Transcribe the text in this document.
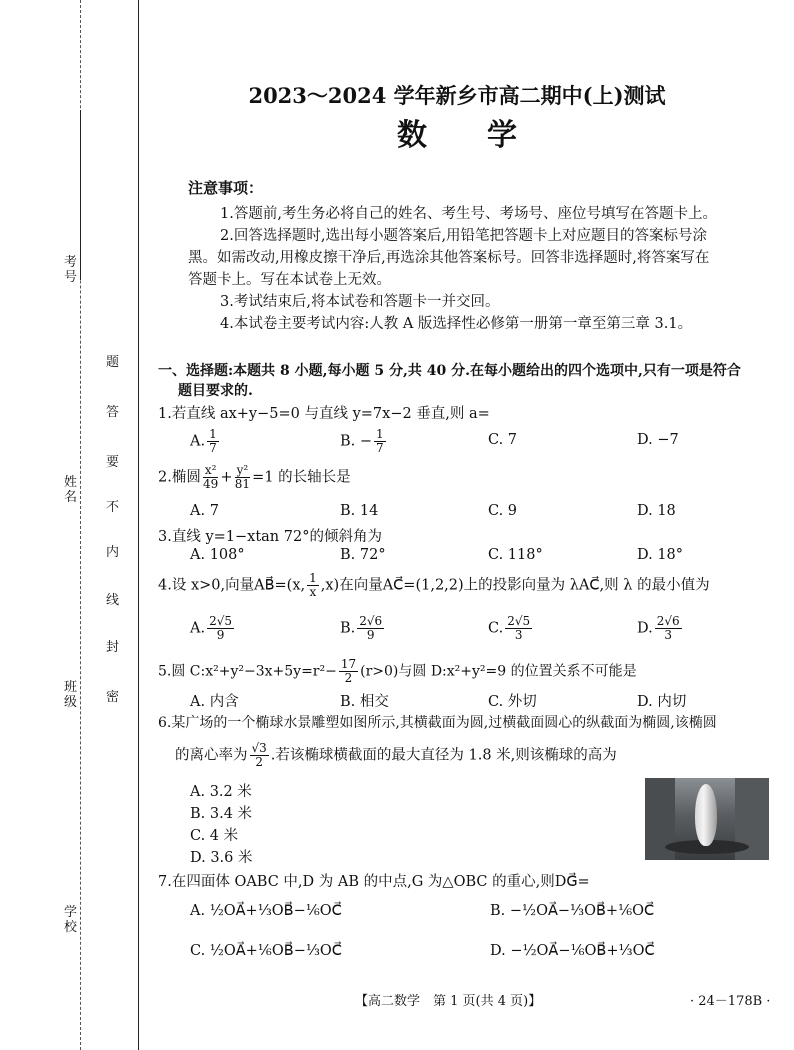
考号
姓名
班级
学校
题
答
要
不
内
线
封
密
2023～2024 学年新乡市高二期中(上)测试
数　　学
注意事项：
1.答题前,考生务必将自己的姓名、考生号、考场号、座位号填写在答题卡上。
2.回答选择题时,选出每小题答案后,用铅笔把答题卡上对应题目的答案标号涂
黑。如需改动,用橡皮擦干净后,再选涂其他答案标号。回答非选择题时,将答案写在
答题卡上。写在本试卷上无效。
3.考试结束后,将本试卷和答题卡一并交回。
4.本试卷主要考试内容:人教 A 版选择性必修第一册第一章至第三章 3.1。
一、选择题:本题共 8 小题,每小题 5 分,共 40 分.在每小题给出的四个选项中,只有一项是符合
题目要求的.
1.若直线 ax+y−5=0 与直线 y=7x−2 垂直,则 a=
A. $\frac{1}{7}$	B. − $\frac{1}{7}$	C. 7	D. −7
2.椭圆 $\frac{\text{x²}}{49} + \frac{\text{y²}}{81} =1$ 的长轴长是
A. 7	B. 14	C. 9	D. 18
3.直线 y=1−xtan 72°的倾斜角为
A. 108°	B. 72°	C. 118°	D. 18°
4.设 x>0,向量AB⃗=(x, $\frac{1}{x} ,x$)在向量AC⃗=(1,2,2)上的投影向量为 λAC⃗,则 λ 的最小值为
A. $\frac{2√5}{9}$	B. $\frac{2√6}{9}$	C. $\frac{2√5}{3}$	D. $\frac{2√6}{3}$
5.圆 C:x²+y²−3x+5y=r²− $\frac{17}{2} (r>0)$与圆 D:x²+y²=9 的位置关系不可能是
A. 内含	B. 相交	C. 外切	D. 内切
6.某广场的一个椭球水景雕塑如图所示,其横截面为圆,过横截面圆心的纵截面为椭圆,该椭圆
的离心率为 $\frac{√3}{2}$ .若该椭球横截面的最大直径为 1.8 米,则该椭球的高为
A. 3.2 米
B. 3.4 米
C. 4 米
D. 3.6 米
7.在四面体 OABC 中,D 为 AB 的中点,G 为△OBC 的重心,则DG⃗=
A. ½OA⃗+⅓OB⃗−⅙OC⃗	B. −½OA⃗−⅓OB⃗+⅙OC⃗
C. ½OA⃗+⅙OB⃗−⅓OC⃗	D. −½OA⃗−⅙OB⃗+⅓OC⃗
【高二数学　第 1 页(共 4 页)】	· 24－178B ·
